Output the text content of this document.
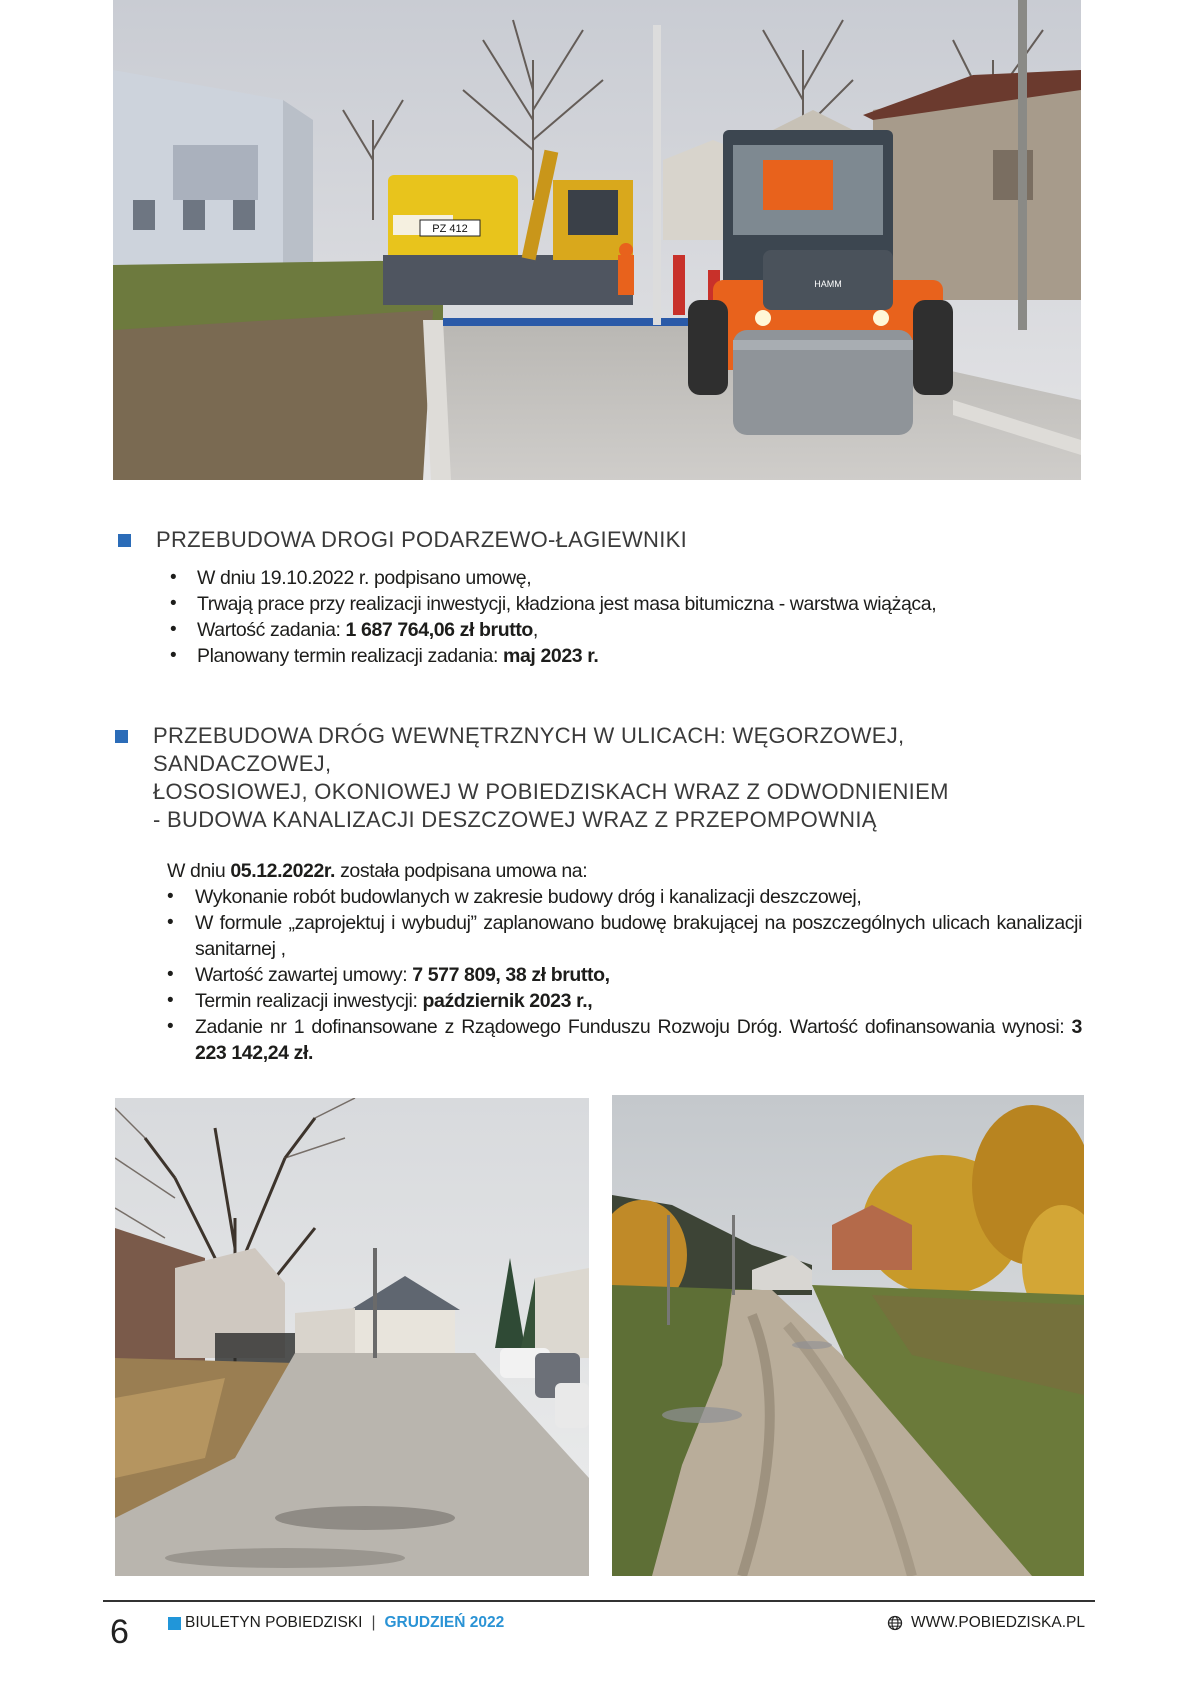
HAMM
PZ 412
PRZEBUDOWA DROGI PODARZEWO-ŁAGIEWNIKI
• W dniu 19.10.2022 r. podpisano umowę,
• Trwają prace przy realizacji inwestycji, kładziona jest masa bitumiczna - warstwa wiążąca,
• Wartość zadania: 1 687 764,06 zł brutto,
• Planowany termin realizacji zadania: maj 2023 r.
PRZEBUDOWA DRÓG WEWNĘTRZNYCH W ULICACH: WĘGORZOWEJ, SANDACZOWEJ,
ŁOSOSIOWEJ, OKONIOWEJ W POBIEDZISKACH WRAZ Z ODWODNIENIEM
- BUDOWA KANALIZACJI DESZCZOWEJ WRAZ Z PRZEPOMPOWNIĄ
W dniu 05.12.2022r. została podpisana umowa na:
• Wykonanie robót budowlanych w zakresie budowy dróg i kanalizacji deszczowej,
• W formule „zaprojektuj i wybuduj” zaplanowano budowę brakującej na poszczególnych ulicach kanalizacji sanitarnej ,
• Wartość zawartej umowy: 7 577 809, 38 zł brutto,
• Termin realizacji inwestycji: październik 2023 r.,
• Zadanie nr 1 dofinansowane z Rządowego Funduszu Rozwoju Dróg. Wartość dofinansowania wynosi: 3 223 142,24 zł.
6	BIULETYN POBIEDZISKI | GRUDZIEŃ 2022	WWW.POBIEDZISKA.PL
